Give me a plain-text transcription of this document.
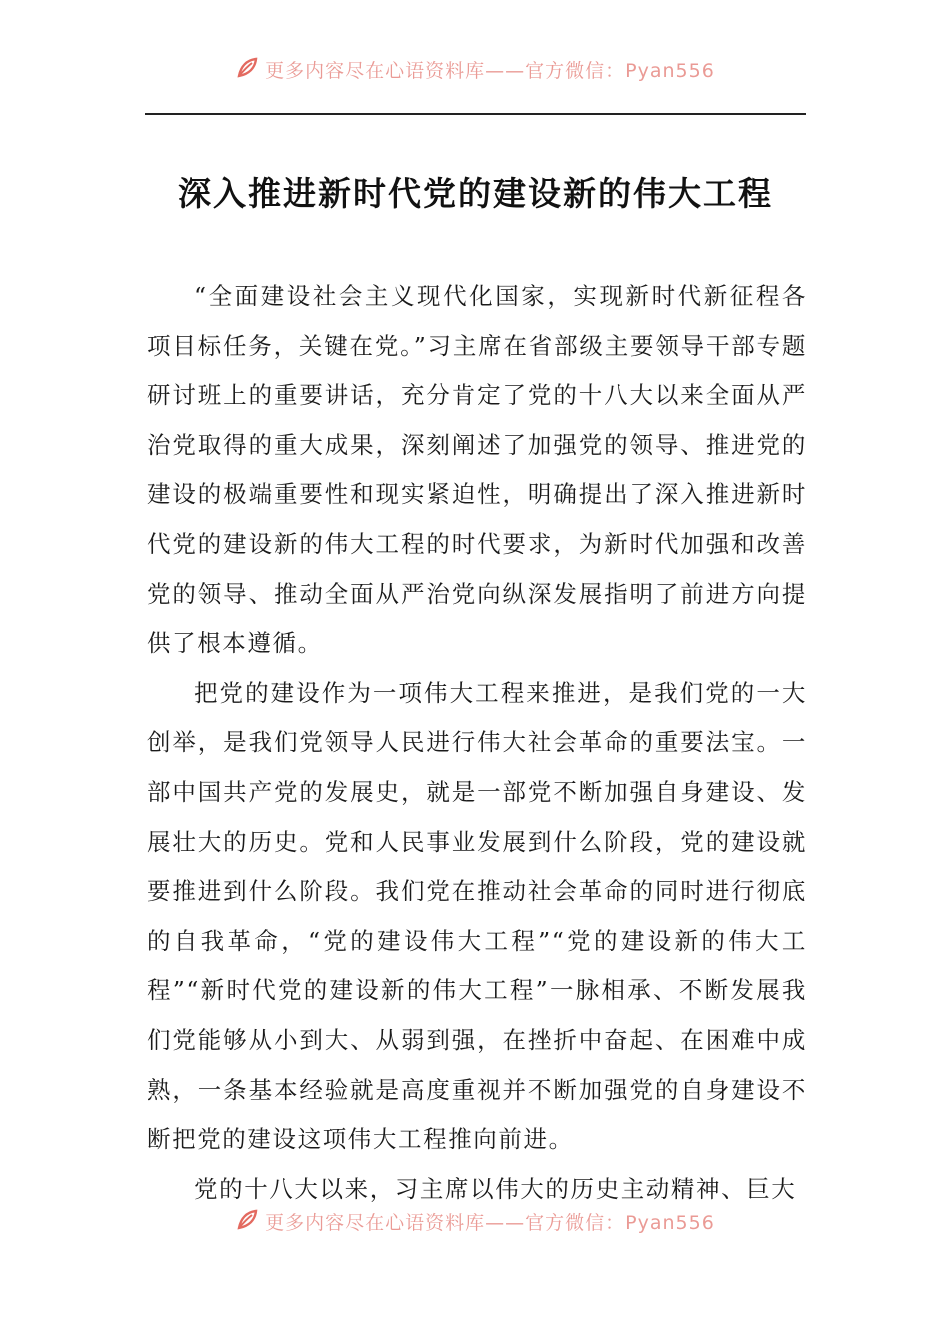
更多内容尽在心语资料库——官方微信：Pyan556
深入推进新时代党的建设新的伟大工程

“全面建设社会主义现代化国家，实现新时代新征程各项目标任务，关键在党。”习主席在省部级主要领导干部专题研讨班上的重要讲话，充分肯定了党的十八大以来全面从严治党取得的重大成果，深刻阐述了加强党的领导、推进党的建设的极端重要性和现实紧迫性，明确提出了深入推进新时代党的建设新的伟大工程的时代要求，为新时代加强和改善党的领导、推动全面从严治党向纵深发展指明了前进方向提供了根本遵循。

把党的建设作为一项伟大工程来推进，是我们党的一大创举，是我们党领导人民进行伟大社会革命的重要法宝。一部中国共产党的发展史，就是一部党不断加强自身建设、发展壮大的历史。党和人民事业发展到什么阶段，党的建设就要推进到什么阶段。我们党在推动社会革命的同时进行彻底的自我革命，“党的建设伟大工程”“党的建设新的伟大工程”“新时代党的建设新的伟大工程”一脉相承、不断发展我们党能够从小到大、从弱到强，在挫折中奋起、在困难中成熟，一条基本经验就是高度重视并不断加强党的自身建设不断把党的建设这项伟大工程推向前进。

党的十八大以来，习主席以伟大的历史主动精神、巨大

更多内容尽在心语资料库——官方微信：Pyan556
